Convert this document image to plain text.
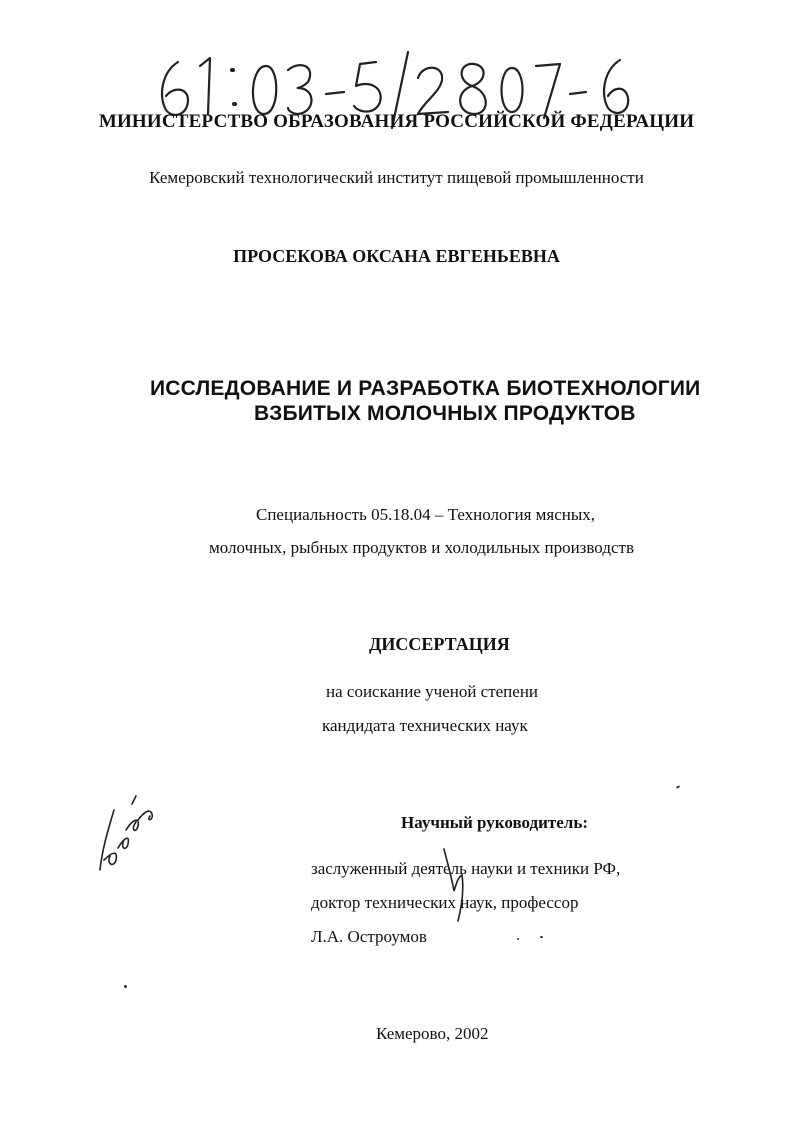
МИНИСТЕРСТВО ОБРАЗОВАНИЯ РОССИЙСКОЙ ФЕДЕРАЦИИ
Кемеровский технологический институт пищевой промышленности
ПРОСЕКОВА ОКСАНА ЕВГЕНЬЕВНА
ИССЛЕДОВАНИЕ И РАЗРАБОТКА БИОТЕХНОЛОГИИ
ВЗБИТЫХ МОЛОЧНЫХ ПРОДУКТОВ
Специальность 05.18.04 – Технология мясных,
молочных, рыбных продуктов и холодильных производств
ДИССЕРТАЦИЯ
на соискание ученой степени
кандидата технических наук
Научный руководитель:
заслуженный деятель науки и техники РФ,
доктор технических наук, профессор
Л.А. Остроумов
Кемерово, 2002
